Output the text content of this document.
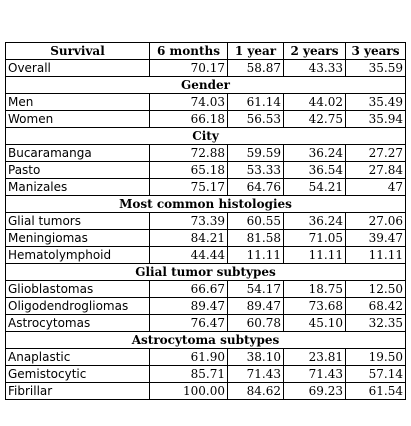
Survival	6 months	1 year	2 years	3 years
Overall	70.17	58.87	43.33	35.59
Gender				
Men	74.03	61.14	44.02	35.49
Women	66.18	56.53	42.75	35.94
City				
Bucaramanga	72.88	59.59	36.24	27.27
Pasto	65.18	53.33	36.54	27.84
Manizales	75.17	64.76	54.21	47
Most common histologies				
Glial tumors	73.39	60.55	36.24	27.06
Meningiomas	84.21	81.58	71.05	39.47
Hematolymphoid	44.44	11.11	11.11	11.11
Glial tumor subtypes				
Glioblastomas	66.67	54.17	18.75	12.50
Oligodendrogliomas	89.47	89.47	73.68	68.42
Astrocytomas	76.47	60.78	45.10	32.35
Astrocytoma subtypes				
Anaplastic	61.90	38.10	23.81	19.50
Gemistocytic	85.71	71.43	71.43	57.14
Fibrillar	100.00	84.62	69.23	61.54
